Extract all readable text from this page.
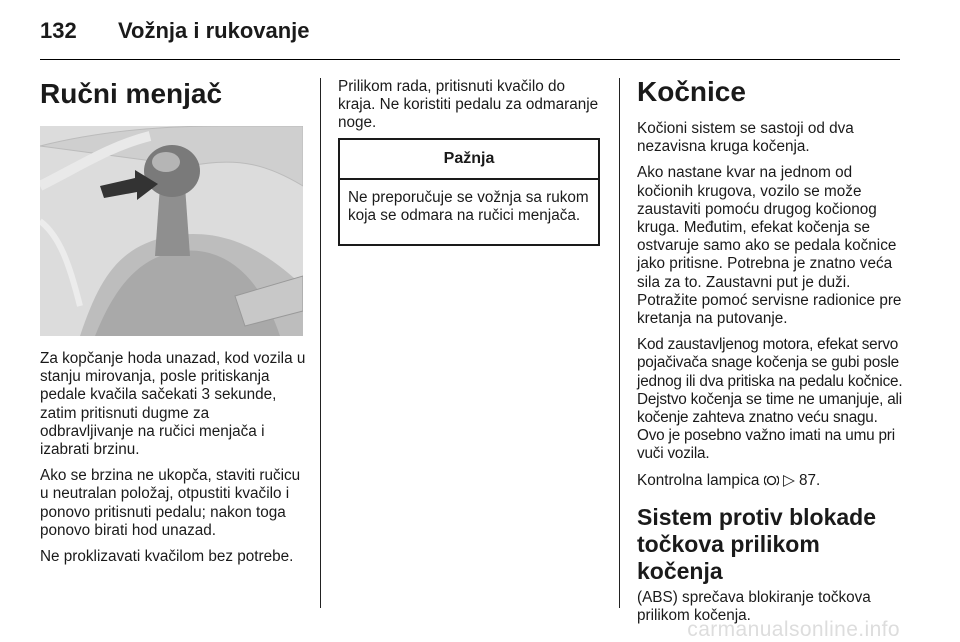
132 Vožnja i rukovanje
Ručni menjač

Za kopčanje hoda unazad, kod vozila u stanju mirovanja, posle pritiskanja pedale kvačila sačekati 3 sekunde, zatim pritisnuti dugme za odbravljivanje na ručici menjača i izabrati brzinu.

Ako se brzina ne ukopča, staviti ručicu u neutralan položaj, otpustiti kvačilo i ponovo pritisnuti pedalu; nakon toga ponovo birati hod unazad.

Ne proklizavati kvačilom bez potrebe.

Prilikom rada, pritisnuti kvačilo do kraja. Ne koristiti pedalu za odmaranje noge.

Pažnja
Ne preporučuje se vožnja sa rukom koja se odmara na ručici menjača.
Kočnice

Kočioni sistem se sastoji od dva nezavisna kruga kočenja.

Ako nastane kvar na jednom od kočionih krugova, vozilo se može zaustaviti pomoću drugog kočionog kruga. Međutim, efekat kočenja se ostvaruje samo ako se pedala kočnice jako pritisne. Potrebna je znatno veća sila za to. Zaustavni put je duži. Potražite pomoć servisne radionice pre kretanja na putovanje.

Kod zaustavljenog motora, efekat servo pojačivača snage kočenja se gubi posle jednog ili dva pritiska na pedalu kočnice. Dejstvo kočenja se time ne umanjuje, ali kočenje zahteva znatno veću snagu. Ovo je posebno važno imati na umu pri vuči vozila.

Kontrolna lampica ▷ 87.

Sistem protiv blokade točkova prilikom kočenja

(ABS) sprečava blokiranje točkova prilikom kočenja.

carmanualsonline.info
